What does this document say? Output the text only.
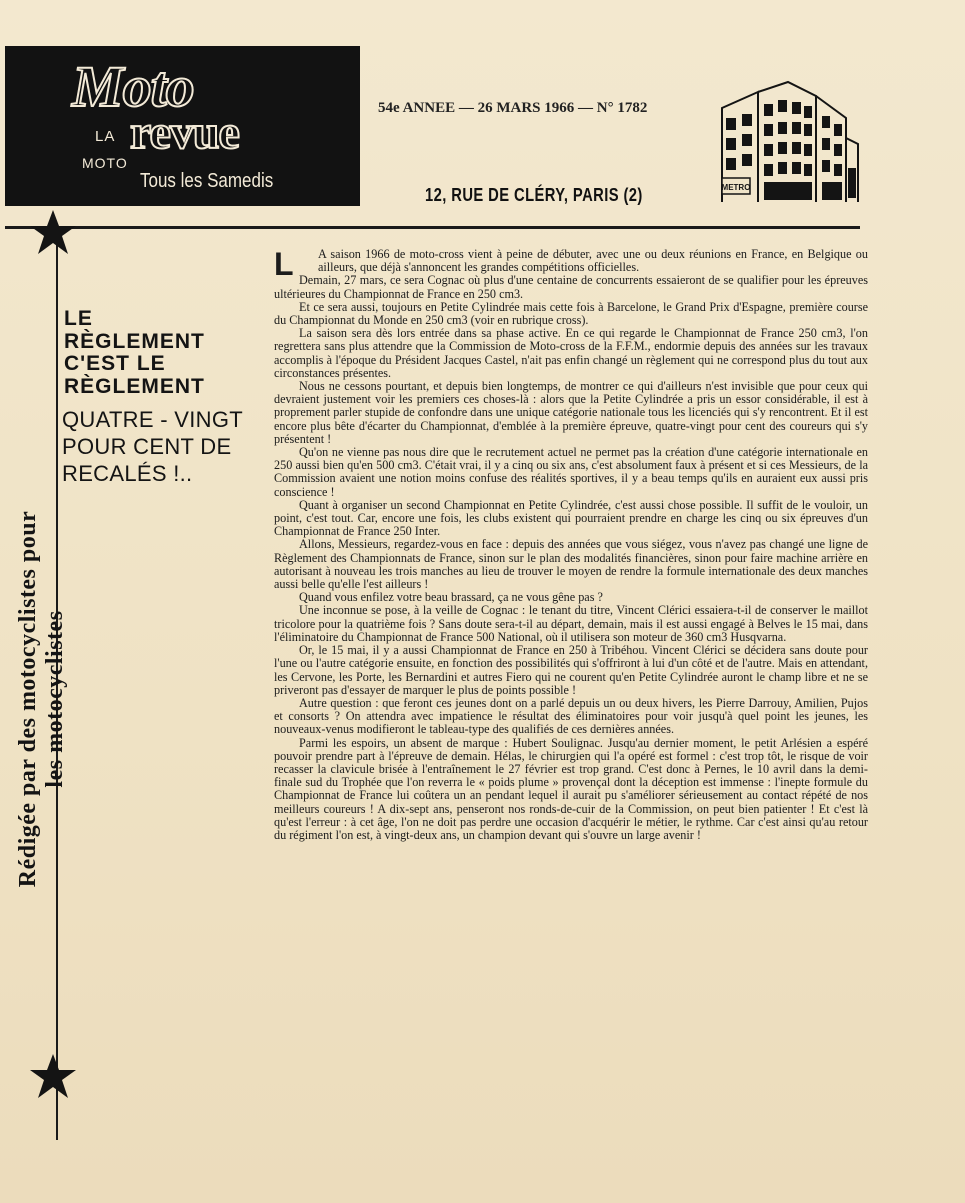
Moto
LA
MOTO
revue
Tous les Samedis
54e ANNEE — 26 MARS 1966 — N° 1782
12, RUE DE CLÉRY, PARIS (2)	METRO
Rédigée par des motocyclistes pour les motocyclistes
LE
RÈGLEMENT
C'EST LE
RÈGLEMENT
QUATRE - VINGT
POUR CENT DE
RECALÉS !..
L	A saison 1966 de moto-cross vient à peine de débuter, avec une ou deux réunions en France, en Belgique ou ailleurs, que déjà s'annoncent les grandes compétitions officielles.

Demain, 27 mars, ce sera Cognac où plus d'une centaine de concurrents essaieront de se qualifier pour les épreuves ultérieures du Championnat de France en 250 cm3.

Et ce sera aussi, toujours en Petite Cylindrée mais cette fois à Barcelone, le Grand Prix d'Espagne, première course du Championnat du Monde en 250 cm3 (voir en rubrique cross).

La saison sera dès lors entrée dans sa phase active. En ce qui regarde le Championnat de France 250 cm3, l'on regrettera sans plus attendre que la Commission de Moto-cross de la F.F.M., endormie depuis des années sur les travaux accomplis à l'époque du Président Jacques Castel, n'ait pas enfin changé un règlement qui ne correspond plus du tout aux circonstances présentes.

Nous ne cessons pourtant, et depuis bien longtemps, de montrer ce qui d'ailleurs n'est invisible que pour ceux qui devraient justement voir les premiers ces choses-là : alors que la Petite Cylindrée a pris un essor considérable, il est à proprement parler stupide de confondre dans une unique catégorie nationale tous les licenciés qui s'y rencontrent. Et il est encore plus bête d'écarter du Championnat, d'emblée à la première épreuve, quatre-vingt pour cent des coureurs qui s'y présentent !

Qu'on ne vienne pas nous dire que le recrutement actuel ne permet pas la création d'une catégorie internationale en 250 aussi bien qu'en 500 cm3. C'était vrai, il y a cinq ou six ans, c'est absolument faux à présent et si ces Messieurs, de la Commission avaient une notion moins confuse des réalités sportives, il y a beau temps qu'ils en auraient eux aussi pris conscience !

Quant à organiser un second Championnat en Petite Cylindrée, c'est aussi chose possible. Il suffit de le vouloir, un point, c'est tout. Car, encore une fois, les clubs existent qui pourraient prendre en charge les cinq ou six épreuves d'un Championnat de France 250 Inter.

Allons, Messieurs, regardez-vous en face : depuis des années que vous siégez, vous n'avez pas changé une ligne de Règlement des Championnats de France, sinon sur le plan des modalités financières, sinon pour faire machine arrière en autorisant à nouveau les trois manches au lieu de trouver le moyen de rendre la formule internationale des deux manches aussi belle qu'elle l'est ailleurs !

Quand vous enfilez votre beau brassard, ça ne vous gêne pas ?

Une inconnue se pose, à la veille de Cognac : le tenant du titre, Vincent Clérici essaiera-t-il de conserver le maillot tricolore pour la quatrième fois ? Sans doute sera-t-il au départ, demain, mais il est aussi engagé à Belves le 15 mai, dans l'éliminatoire du Championnat de France 500 National, où il utilisera son moteur de 360 cm3 Husqvarna.

Or, le 15 mai, il y a aussi Championnat de France en 250 à Tribéhou. Vincent Clérici se décidera sans doute pour l'une ou l'autre catégorie ensuite, en fonction des possibilités qui s'offriront à lui d'un côté et de l'autre. Mais en attendant, les Cervone, les Porte, les Bernardini et autres Fiero qui ne courent qu'en Petite Cylindrée auront le champ libre et ne se priveront pas d'essayer de marquer le plus de points possible !

Autre question : que feront ces jeunes dont on a parlé depuis un ou deux hivers, les Pierre Darrouy, Amilien, Pujos et consorts ? On attendra avec impatience le résultat des éliminatoires pour voir jusqu'à quel point les jeunes, les nouveaux-venus modifieront le tableau-type des qualifiés de ces dernières années.

Parmi les espoirs, un absent de marque : Hubert Soulignac. Jusqu'au dernier moment, le petit Arlésien a espéré pouvoir prendre part à l'épreuve de demain. Hélas, le chirurgien qui l'a opéré est formel : c'est trop tôt, le risque de voir recasser la clavicule brisée à l'entraînement le 27 février est trop grand. C'est donc à Pernes, le 10 avril dans la demi-finale sud du Trophée que l'on reverra le « poids plume » provençal dont la déception est immense : l'inepte formule du Championnat de France lui coûtera un an pendant lequel il aurait pu s'améliorer sérieusement au contact répété de nos meilleurs coureurs ! A dix-sept ans, penseront nos ronds-de-cuir de la Commission, on peut bien patienter ! Et c'est là qu'est l'erreur : à cet âge, l'on ne doit pas perdre une occasion d'acquérir le métier, le rythme. Car c'est ainsi qu'au retour du régiment l'on est, à vingt-deux ans, un champion devant qui s'ouvre un large avenir !
